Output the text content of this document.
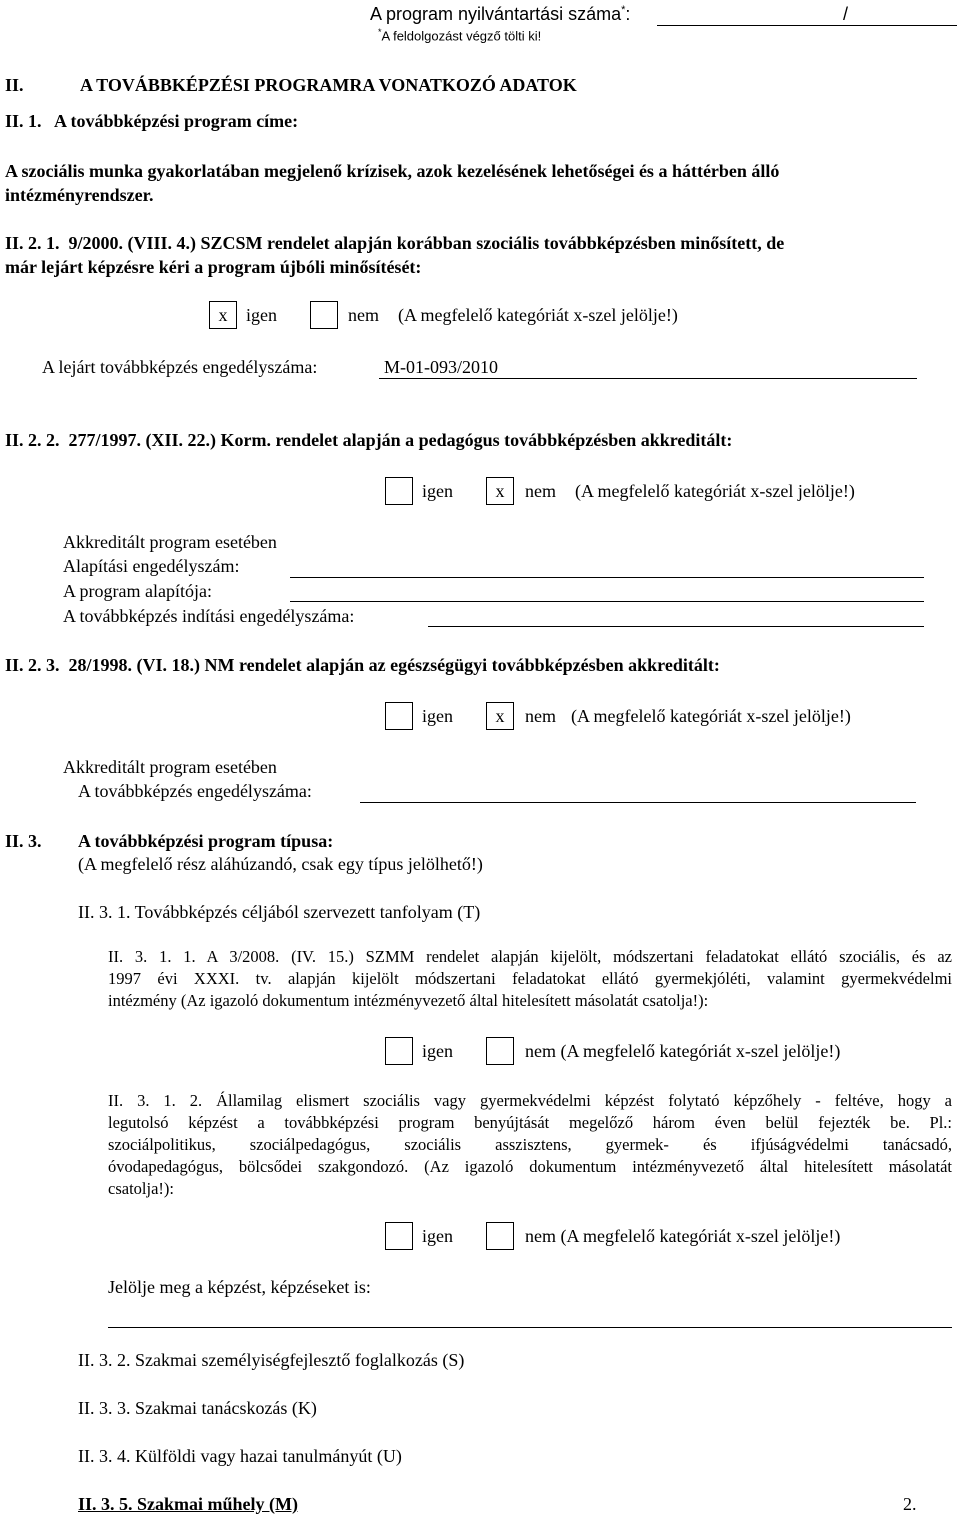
A program nyilvántartási száma*:	/
*A feldolgozást végző tölti ki!
II.	A TOVÁBBKÉPZÉSI PROGRAMRA VONATKOZÓ ADATOK
II. 1.   A továbbképzési program címe:
A szociális munka gyakorlatában megjelenő krízisek, azok kezelésének lehetőségei és a háttérben álló
intézményrendszer.
II. 2. 1.  9/2000. (VIII. 4.) SZCSM rendelet alapján korábban szociális továbbképzésben minősített, de
már lejárt képzésre kéri a program újbóli minősítését:
x	igen	nem (A megfelelő kategóriát x-szel jelölje!)
A lejárt továbbképzés engedélyszáma:	M-01-093/2010
II. 2. 2.  277/1997. (XII. 22.) Korm. rendelet alapján a pedagógus továbbképzésben akkreditált:
igen	x	nem (A megfelelő kategóriát x-szel jelölje!)
Akkreditált program esetében
Alapítási engedélyszám:
A program alapítója:
A továbbképzés indítási engedélyszáma:
II. 2. 3.  28/1998. (VI. 18.) NM rendelet alapján az egészségügyi továbbképzésben akkreditált:
igen	x	nem (A megfelelő kategóriát x-szel jelölje!)
Akkreditált program esetében
A továbbképzés engedélyszáma:
II. 3. A továbbképzési program típusa:
(A megfelelő rész aláhúzandó, csak egy típus jelölhető!)
II. 3. 1. Továbbképzés céljából szervezett tanfolyam (T)
II. 3. 1. 1. A 3/2008. (IV. 15.) SZMM rendelet alapján kijelölt, módszertani feladatokat ellátó szociális, és az
1997 évi XXXI. tv. alapján kijelölt módszertani feladatokat ellátó gyermekjóléti, valamint gyermekvédelmi
intézmény (Az igazoló dokumentum intézményvezető által hitelesített másolatát csatolja!):
igen	nem (A megfelelő kategóriát x-szel jelölje!)
II. 3. 1. 2. Államilag elismert szociális vagy gyermekvédelmi képzést folytató képzőhely - feltéve, hogy a
legutolsó képzést a továbbképzési program benyújtását megelőző három éven belül fejezték be. Pl.:
szociálpolitikus, szociálpedagógus, szociális asszisztens, gyermek- és ifjúságvédelmi tanácsadó,
óvodapedagógus, bölcsődei szakgondozó. (Az igazoló dokumentum intézményvezető által hitelesített másolatát
csatolja!):
igen	nem (A megfelelő kategóriát x-szel jelölje!)
Jelölje meg a képzést, képzéseket is:
II. 3. 2. Szakmai személyiségfejlesztő foglalkozás (S)
II. 3. 3. Szakmai tanácskozás (K)
II. 3. 4. Külföldi vagy hazai tanulmányút (U)
II. 3. 5. Szakmai műhely (M)	2.
